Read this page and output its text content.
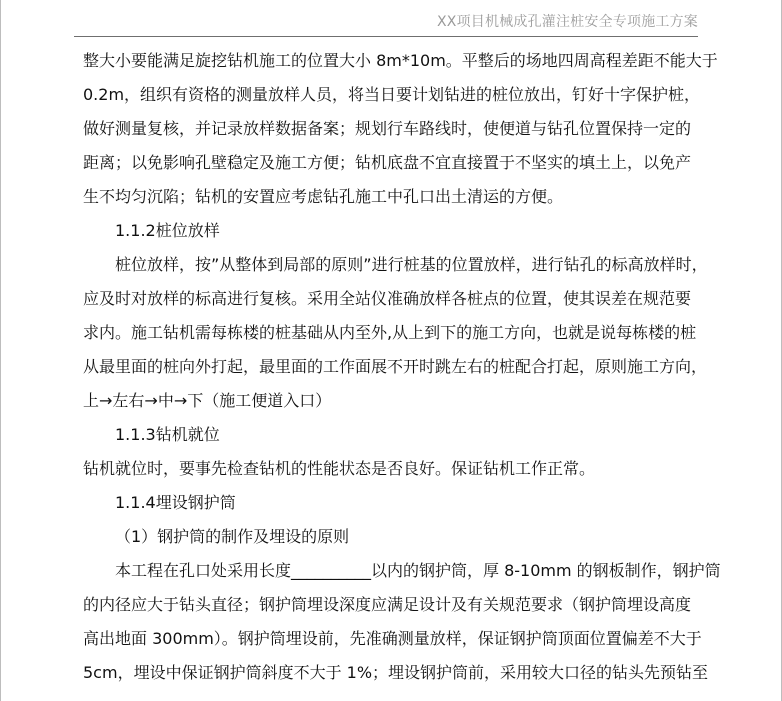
XX项目机械成孔灌注桩安全专项施工方案
整大小要能满足旋挖钻机施工的位置大小 8m*10m。平整后的场地四周高程差距不能大于
0.2m，组织有资格的测量放样人员，将当日要计划钻进的桩位放出，钉好十字保护桩，
做好测量复核，并记录放样数据备案；规划行车路线时，使便道与钻孔位置保持一定的
距离；以免影响孔壁稳定及施工方便；钻机底盘不宜直接置于不坚实的填土上，以免产
生不均匀沉陷；钻机的安置应考虑钻孔施工中孔口出土清运的方便。
1.1.2桩位放样
桩位放样，按”从整体到局部的原则”进行桩基的位置放样，进行钻孔的标高放样时，
应及时对放样的标高进行复核。采用全站仪准确放样各桩点的位置，使其误差在规范要
求内。施工钻机需每栋楼的桩基础从内至外,从上到下的施工方向，也就是说每栋楼的桩
从最里面的桩向外打起，最里面的工作面展不开时跳左右的桩配合打起，原则施工方向，
上→左右→中→下（施工便道入口）
1.1.3钻机就位
钻机就位时，要事先检查钻机的性能状态是否良好。保证钻机工作正常。
1.1.4埋设钢护筒
（1）钢护筒的制作及埋设的原则
本工程在孔口处采用长度__________以内的钢护筒，厚 8-10mm 的钢板制作，钢护筒
的内径应大于钻头直径；钢护筒埋设深度应满足设计及有关规范要求（钢护筒埋设高度
高出地面 300mm）。钢护筒埋设前，先准确测量放样，保证钢护筒顶面位置偏差不大于
5cm，埋设中保证钢护筒斜度不大于 1%；埋设钢护筒前，采用较大口径的钻头先预钻至
